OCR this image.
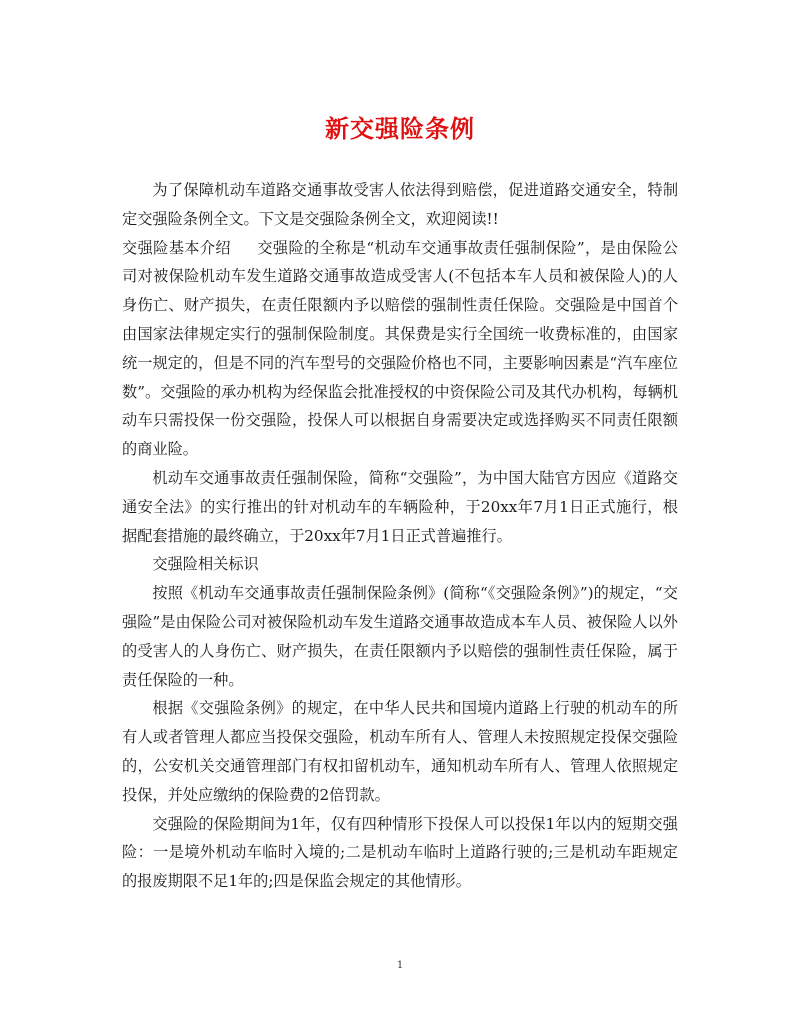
新交强险条例

为了保障机动车道路交通事故受害人依法得到赔偿，促进道路交通安全，特制定交强险条例全文。下文是交强险条例全文，欢迎阅读!!

交强险基本介绍 交强险的全称是“机动车交通事故责任强制保险”，是由保险公司对被保险机动车发生道路交通事故造成受害人(不包括本车人员和被保险人)的人身伤亡、财产损失，在责任限额内予以赔偿的强制性责任保险。交强险是中国首个由国家法律规定实行的强制保险制度。其保费是实行全国统一收费标准的，由国家统一规定的，但是不同的汽车型号的交强险价格也不同，主要影响因素是“汽车座位数”。交强险的承办机构为经保监会批准授权的中资保险公司及其代办机构，每辆机动车只需投保一份交强险，投保人可以根据自身需要决定或选择购买不同责任限额的商业险。

机动车交通事故责任强制保险，简称“交强险”，为中国大陆官方因应《道路交通安全法》的实行推出的针对机动车的车辆险种，于20xx年7月1日正式施行，根据配套措施的最终确立，于20xx年7月1日正式普遍推行。

交强险相关标识

按照《机动车交通事故责任强制保险条例》(简称“《交强险条例》”)的规定，“交强险”是由保险公司对被保险机动车发生道路交通事故造成本车人员、被保险人以外的受害人的人身伤亡、财产损失，在责任限额内予以赔偿的强制性责任保险，属于责任保险的一种。

根据《交强险条例》的规定，在中华人民共和国境内道路上行驶的机动车的所有人或者管理人都应当投保交强险，机动车所有人、管理人未按照规定投保交强险的，公安机关交通管理部门有权扣留机动车，通知机动车所有人、管理人依照规定投保，并处应缴纳的保险费的2倍罚款。

交强险的保险期间为1年，仅有四种情形下投保人可以投保1年以内的短期交强险：一是境外机动车临时入境的;二是机动车临时上道路行驶的;三是机动车距规定的报废期限不足1年的;四是保监会规定的其他情形。

1
